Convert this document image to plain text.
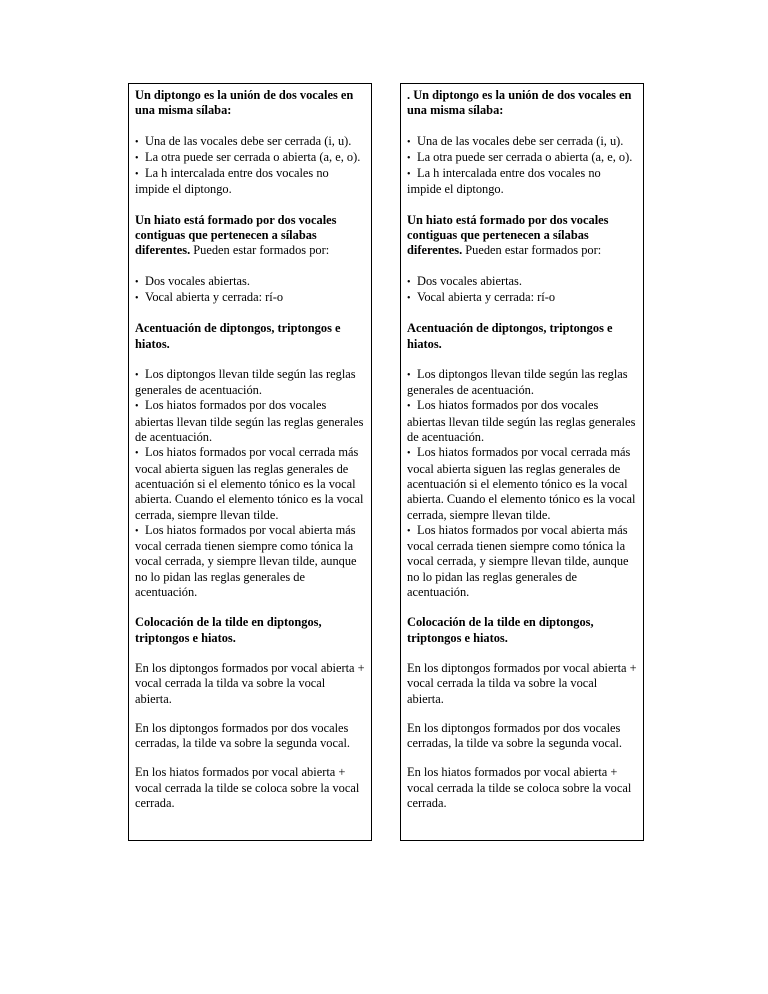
Un diptongo es la unión de dos vocales en una misma sílaba:

• Una de las vocales debe ser cerrada (i, u).

• La otra puede ser cerrada o abierta (a, e, o).

• La h intercalada entre dos vocales no impide el diptongo.

Un hiato está formado por dos vocales contiguas que pertenecen a sílabas diferentes. Pueden estar formados por:

• Dos vocales abiertas.

• Vocal abierta y cerrada: rí-o

Acentuación de diptongos, triptongos e hiatos.

• Los diptongos llevan tilde según las reglas generales de acentuación.

• Los hiatos formados por dos vocales abiertas llevan tilde según las reglas generales de acentuación.

• Los hiatos formados por vocal cerrada más vocal abierta siguen las reglas generales de acentuación si el elemento tónico es la vocal abierta. Cuando el elemento tónico es la vocal cerrada, siempre llevan tilde.

• Los hiatos formados por vocal abierta más vocal cerrada tienen siempre como tónica la vocal cerrada, y siempre llevan tilde, aunque no lo pidan las reglas generales de acentuación.

Colocación de la tilde en diptongos, triptongos e hiatos.

En los diptongos formados por vocal abierta + vocal cerrada la tilda va sobre la vocal abierta.

En los diptongos formados por dos vocales cerradas, la tilde va sobre la segunda vocal.

En los hiatos formados por vocal abierta + vocal cerrada la tilde se coloca sobre la vocal cerrada.

. Un diptongo es la unión de dos vocales en una misma sílaba:

• Una de las vocales debe ser cerrada (i, u).

• La otra puede ser cerrada o abierta (a, e, o).

• La h intercalada entre dos vocales no impide el diptongo.

Un hiato está formado por dos vocales contiguas que pertenecen a sílabas diferentes. Pueden estar formados por:

• Dos vocales abiertas.

• Vocal abierta y cerrada: rí-o

Acentuación de diptongos, triptongos e hiatos.

• Los diptongos llevan tilde según las reglas generales de acentuación.

• Los hiatos formados por dos vocales abiertas llevan tilde según las reglas generales de acentuación.

• Los hiatos formados por vocal cerrada más vocal abierta siguen las reglas generales de acentuación si el elemento tónico es la vocal abierta. Cuando el elemento tónico es la vocal cerrada, siempre llevan tilde.

• Los hiatos formados por vocal abierta más vocal cerrada tienen siempre como tónica la vocal cerrada, y siempre llevan tilde, aunque no lo pidan las reglas generales de acentuación.

Colocación de la tilde en diptongos, triptongos e hiatos.

En los diptongos formados por vocal abierta + vocal cerrada la tilda va sobre la vocal abierta.

En los diptongos formados por dos vocales cerradas, la tilde va sobre la segunda vocal.

En los hiatos formados por vocal abierta + vocal cerrada la tilde se coloca sobre la vocal cerrada.
